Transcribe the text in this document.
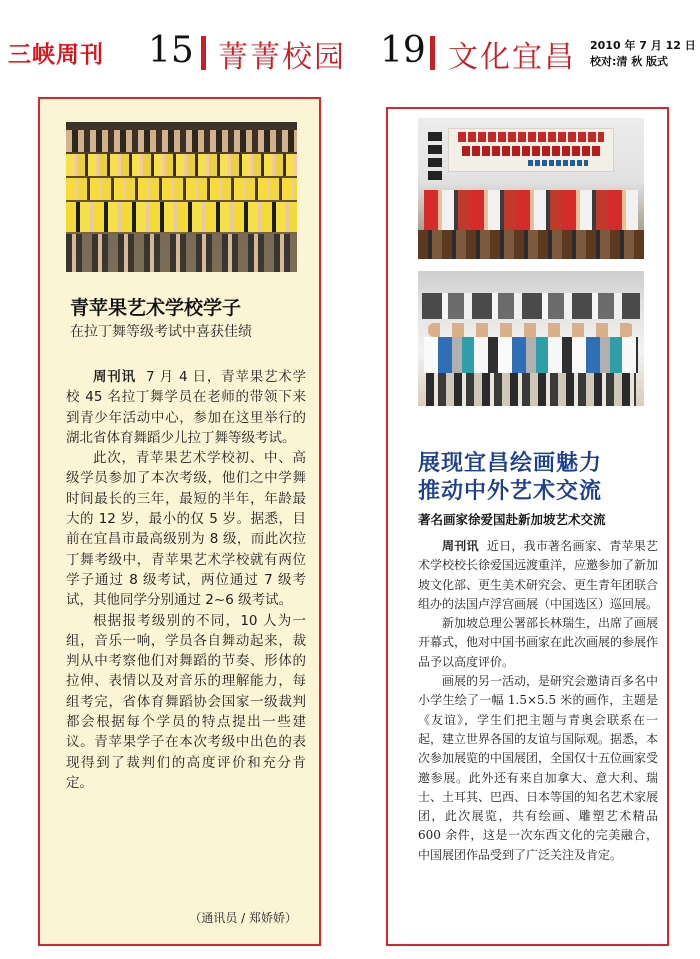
三峡周刊 15 菁菁校园 19 文化宜昌 2010 年 7 月 12 日
校对:清 秋 版式
青苹果艺术学校学子
在拉丁舞等级考试中喜获佳绩

周刊讯 7 月 4 日，青苹果艺术学校 45 名拉丁舞学员在老师的带领下来到青少年活动中心，参加在这里举行的湖北省体育舞蹈少儿拉丁舞等级考试。

此次，青苹果艺术学校初、中、高级学员参加了本次考级，他们之中学舞时间最长的三年，最短的半年，年龄最大的 12 岁，最小的仅 5 岁。据悉，目前在宜昌市最高级别为 8 级，而此次拉丁舞考级中，青苹果艺术学校就有两位学子通过 8 级考试，两位通过 7 级考试，其他同学分别通过 2~6 级考试。

根据报考级别的不同，10 人为一组，音乐一响，学员各自舞动起来，裁判从中考察他们对舞蹈的节奏、形体的拉伸、表情以及对音乐的理解能力，每组考完，省体育舞蹈协会国家一级裁判都会根据每个学员的特点提出一些建议。青苹果学子在本次考级中出色的表现得到了裁判们的高度评价和充分肯定。

（通讯员 / 郑娇娇）
展现宜昌绘画魅力
推动中外艺术交流
著名画家徐爱国赴新加坡艺术交流

周刊讯 近日，我市著名画家、青苹果艺术学校校长徐爱国远渡重洋，应邀参加了新加坡文化部、更生美术研究会、更生青年团联合组办的法国卢浮宫画展（中国选区）巡回展。

新加坡总理公署部长林瑞生，出席了画展开幕式，他对中国书画家在此次画展的参展作品予以高度评价。

画展的另一活动，是研究会邀请百多名中小学生绘了一幅 1.5×5.5 米的画作，主题是《友谊》，学生们把主题与青奥会联系在一起，建立世界各国的友谊与国际观。据悉，本次参加展览的中国展团，全国仅十五位画家受邀参展。此外还有来自加拿大、意大利、瑞士、土耳其、巴西、日本等国的知名艺术家展团，此次展览，共有绘画、雕塑艺术精品 600 余件，这是一次东西文化的完美融合，中国展团作品受到了广泛关注及肯定。
